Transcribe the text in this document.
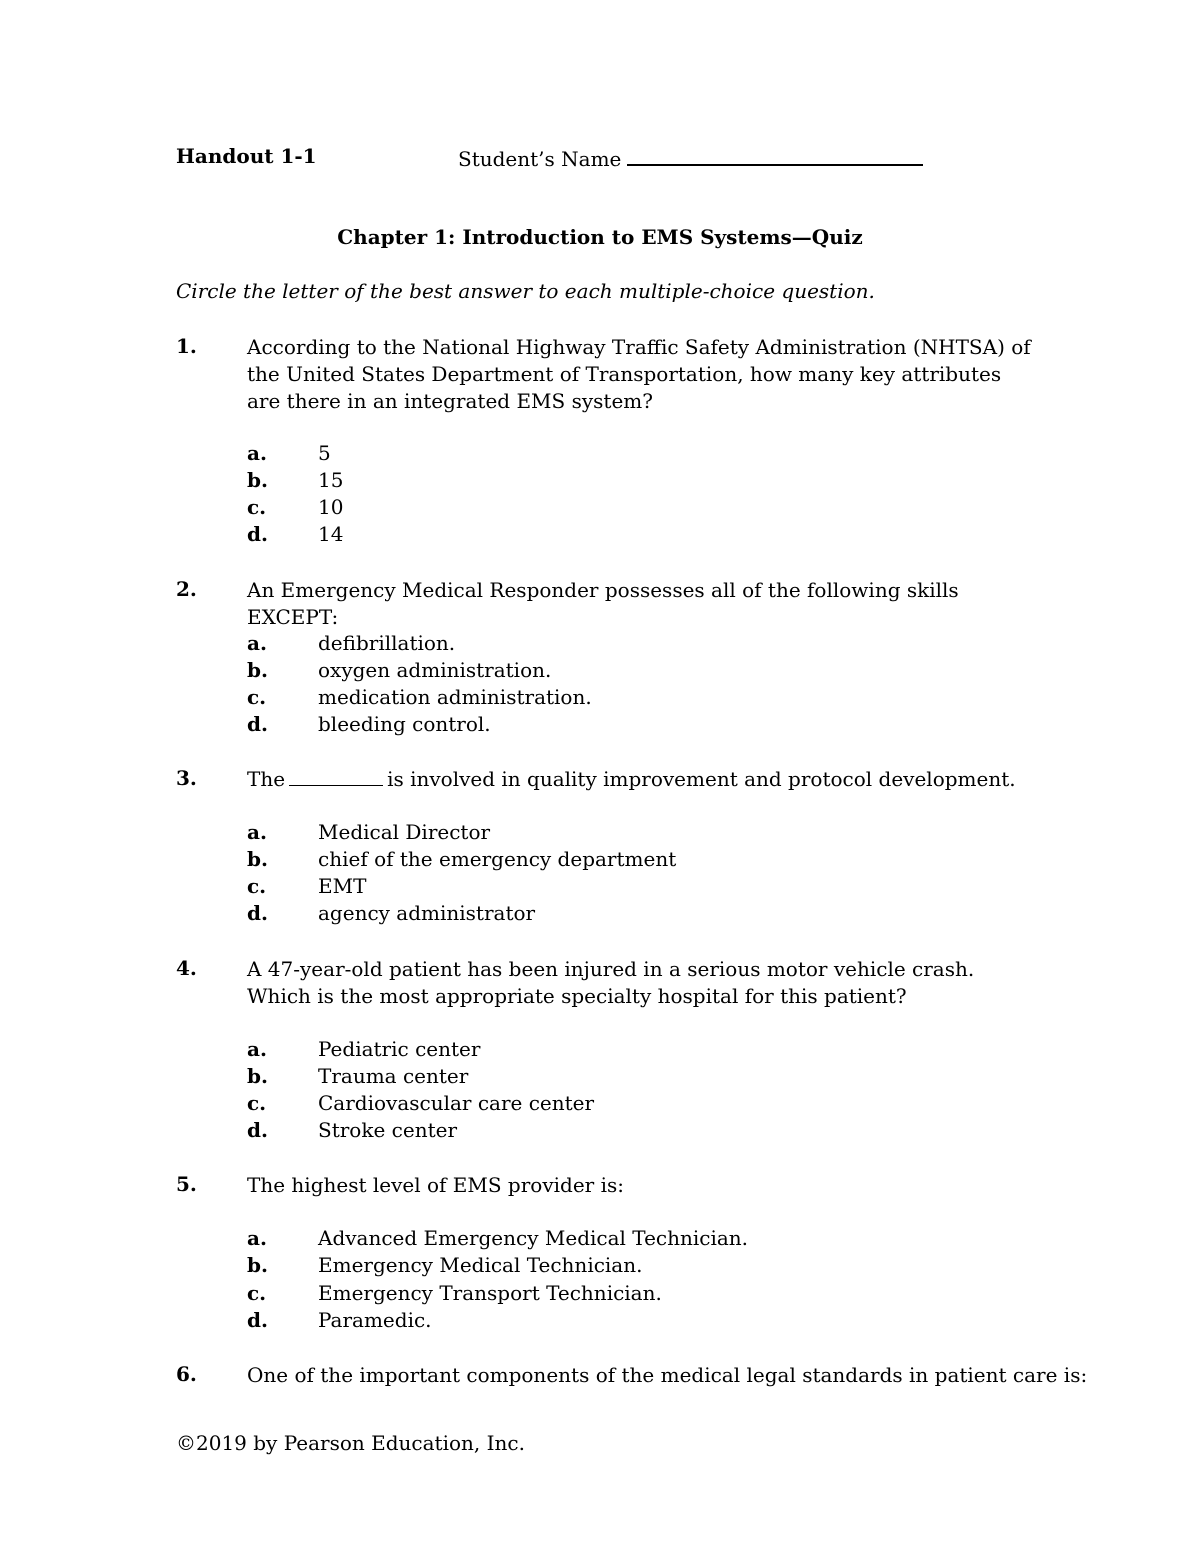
Handout 1-1	Student’s Name
Chapter 1: Introduction to EMS Systems—Quiz
Circle the letter of the best answer to each multiple-choice question.
1.	According to the National Highway Traffic Safety Administration (NHTSA) of the United States Department of Transportation, how many key attributes are there in an integrated EMS system?
a.	5
b.	15
c.	10
d.	14
2.	An Emergency Medical Responder possesses all of the following skills EXCEPT:
a.	defibrillation.
b.	oxygen administration.
c.	medication administration.
d.	bleeding control.
3.	The	is involved in quality improvement and protocol development.
a.	Medical Director
b.	chief of the emergency department
c.	EMT
d.	agency administrator
4.	A 47-year-old patient has been injured in a serious motor vehicle crash. Which is the most appropriate specialty hospital for this patient?
a.	Pediatric center
b.	Trauma center
c.	Cardiovascular care center
d.	Stroke center
5.	The highest level of EMS provider is:
a.	Advanced Emergency Medical Technician.
b.	Emergency Medical Technician.
c.	Emergency Transport Technician.
d.	Paramedic.
6.	One of the important components of the medical legal standards in patient care is:
©2019 by Pearson Education, Inc.
